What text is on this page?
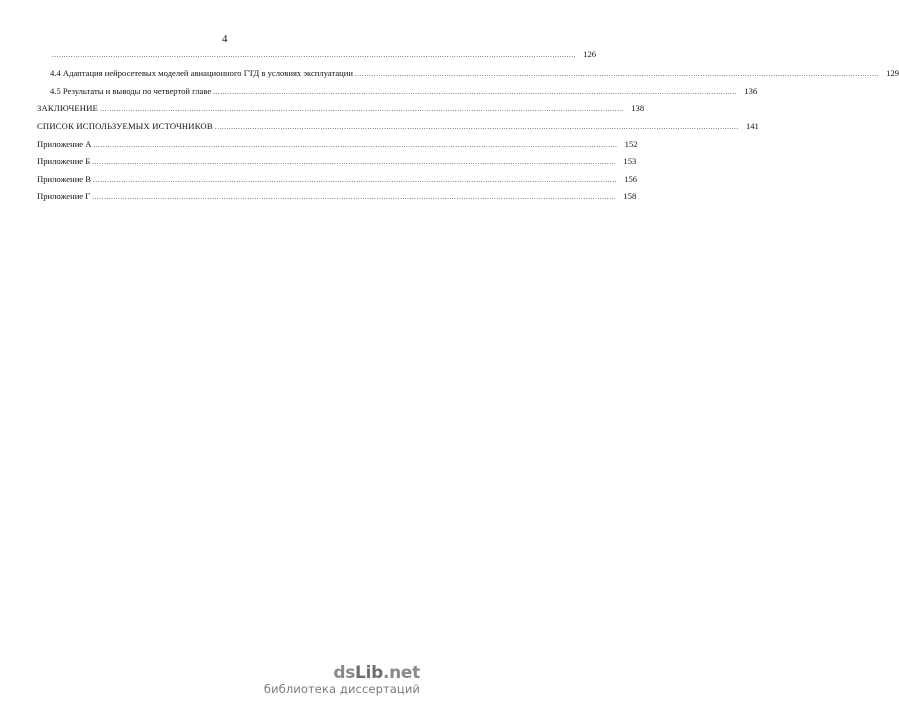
4
............................................................................................................................................................................................................................... 126
4.4 Адаптация нейросетевых моделей авиационного ГТД в условиях эксплуатации ............................................................................................................................................................................................................................... 129
4.5 Результаты и выводы по четвертой главе ............................................................................................................................................................................................................................... 136
ЗАКЛЮЧЕНИЕ ............................................................................................................................................................................................................................... 138
СПИСОК ИСПОЛЬЗУЕМЫХ ИСТОЧНИКОВ ............................................................................................................................................................................................................................... 141
Приложение А ............................................................................................................................................................................................................................... 152
Приложение Б ............................................................................................................................................................................................................................... 153
Приложение В ............................................................................................................................................................................................................................... 156
Приложение Г ............................................................................................................................................................................................................................... 158
dsLib.net
библиотека диссертаций
